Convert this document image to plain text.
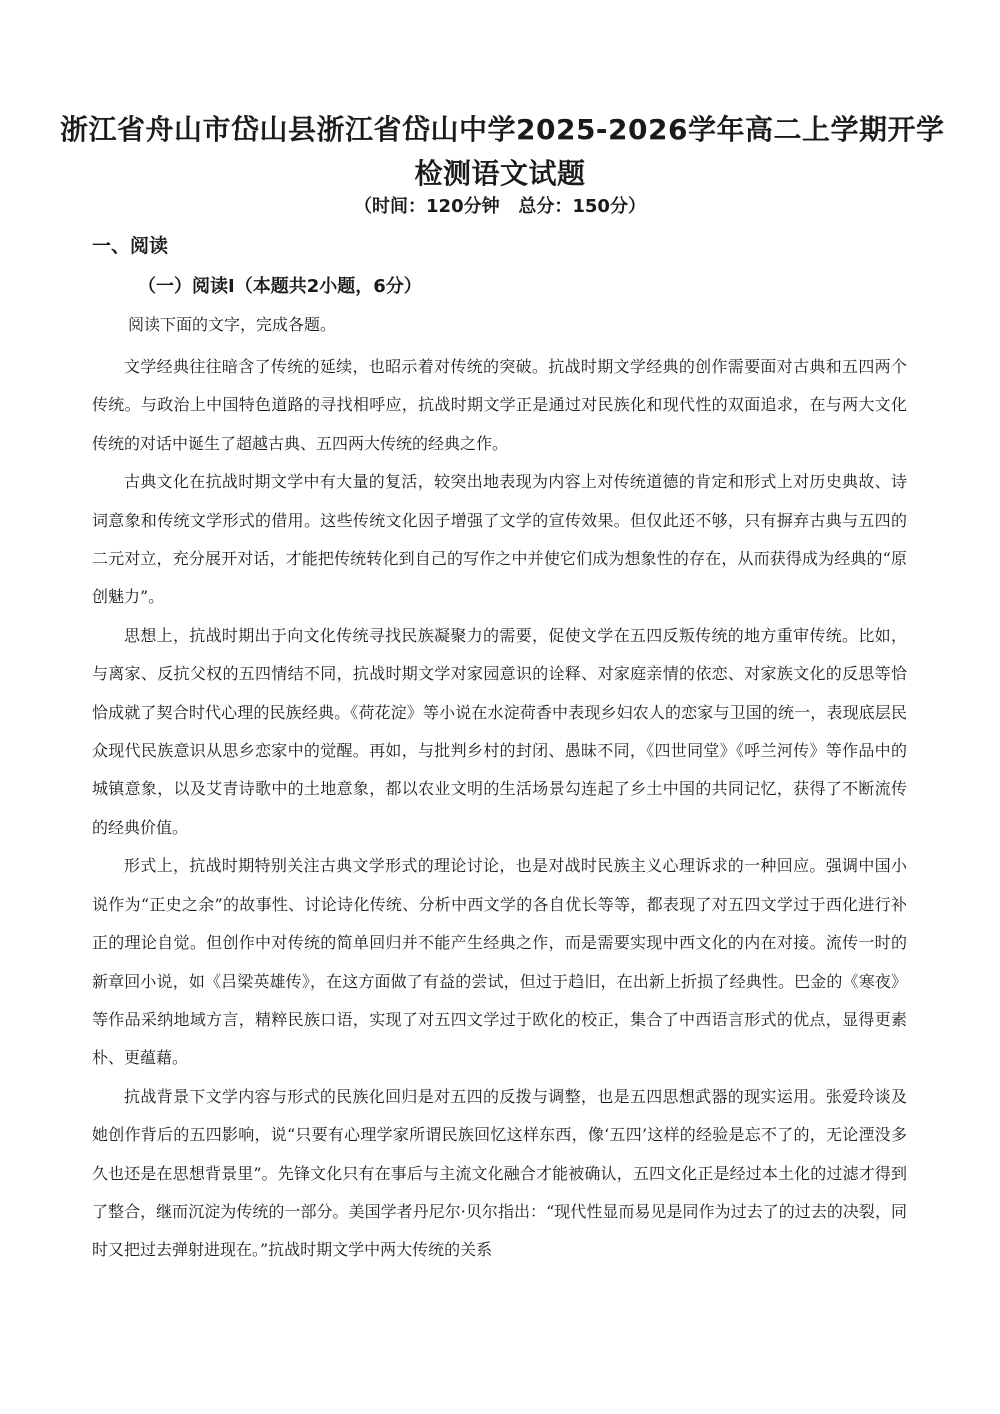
浙江省舟山市岱山县浙江省岱山中学2025-2026学年高二上学期开学
检测语文试题
（时间：120分钟   总分：150分）
一、阅读
（一）阅读Ⅰ（本题共2小题，6分）
阅读下面的文字，完成各题。

文学经典往往暗含了传统的延续，也昭示着对传统的突破。抗战时期文学经典的创作需要面对古典和五四两个传统。与政治上中国特色道路的寻找相呼应，抗战时期文学正是通过对民族化和现代性的双面追求，在与两大文化传统的对话中诞生了超越古典、五四两大传统的经典之作。

古典文化在抗战时期文学中有大量的复活，较突出地表现为内容上对传统道德的肯定和形式上对历史典故、诗词意象和传统文学形式的借用。这些传统文化因子增强了文学的宣传效果。但仅此还不够，只有摒弃古典与五四的二元对立，充分展开对话，才能把传统转化到自己的写作之中并使它们成为想象性的存在，从而获得成为经典的“原创魅力”。

思想上，抗战时期出于向文化传统寻找民族凝聚力的需要，促使文学在五四反叛传统的地方重审传统。比如，与离家、反抗父权的五四情结不同，抗战时期文学对家园意识的诠释、对家庭亲情的依恋、对家族文化的反思等恰恰成就了契合时代心理的民族经典。《荷花淀》等小说在水淀荷香中表现乡妇农人的恋家与卫国的统一，表现底层民众现代民族意识从思乡恋家中的觉醒。再如，与批判乡村的封闭、愚昧不同，《四世同堂》《呼兰河传》等作品中的城镇意象，以及艾青诗歌中的土地意象，都以农业文明的生活场景勾连起了乡土中国的共同记忆，获得了不断流传的经典价值。

形式上，抗战时期特别关注古典文学形式的理论讨论，也是对战时民族主义心理诉求的一种回应。强调中国小说作为“正史之余”的故事性、讨论诗化传统、分析中西文学的各自优长等等，都表现了对五四文学过于西化进行补正的理论自觉。但创作中对传统的简单回归并不能产生经典之作，而是需要实现中西文化的内在对接。流传一时的新章回小说，如《吕梁英雄传》，在这方面做了有益的尝试，但过于趋旧，在出新上折损了经典性。巴金的《寒夜》等作品采纳地域方言，精粹民族口语，实现了对五四文学过于欧化的校正，集合了中西语言形式的优点，显得更素朴、更蕴藉。

抗战背景下文学内容与形式的民族化回归是对五四的反拨与调整，也是五四思想武器的现实运用。张爱玲谈及她创作背后的五四影响，说“只要有心理学家所谓民族回忆这样东西，像‘五四’这样的经验是忘不了的，无论湮没多久也还是在思想背景里”。先锋文化只有在事后与主流文化融合才能被确认，五四文化正是经过本土化的过滤才得到了整合，继而沉淀为传统的一部分。美国学者丹尼尔·贝尔指出：“现代性显而易见是同作为过去了的过去的决裂，同时又把过去弹射进现在。”抗战时期文学中两大传统的关系
